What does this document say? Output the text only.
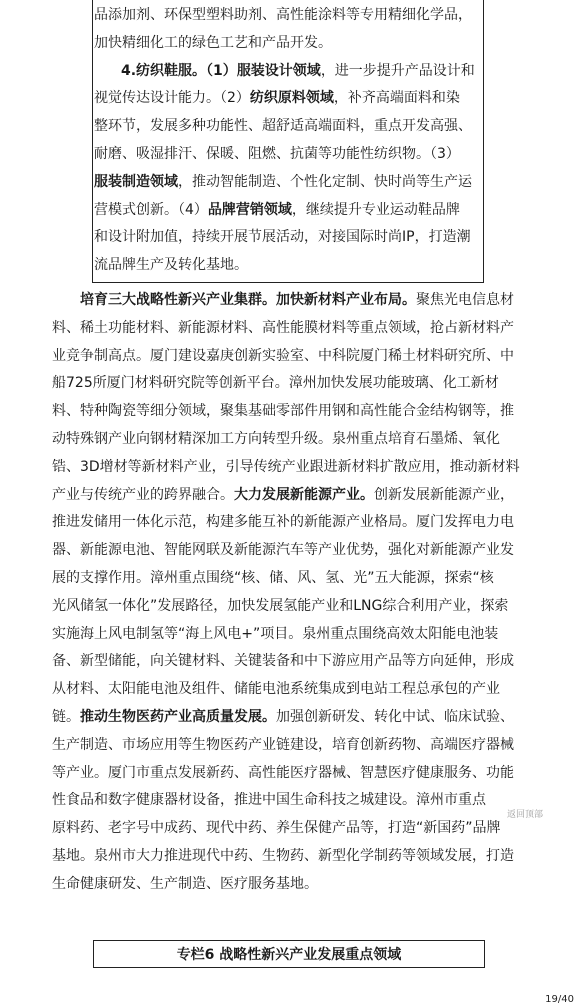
品添加剂、环保型塑料助剂、高性能涂料等专用精细化学品，
加快精细化工的绿色工艺和产品开发。
4.纺织鞋服。（1）服装设计领域，进一步提升产品设计和
视觉传达设计能力。（2）纺织原料领域，补齐高端面料和染
整环节，发展多种功能性、超舒适高端面料，重点开发高强、
耐磨、吸湿排汗、保暖、阻燃、抗菌等功能性纺织物。（3）
服装制造领域，推动智能制造、个性化定制、快时尚等生产运
营模式创新。（4）品牌营销领域，继续提升专业运动鞋品牌
和设计附加值，持续开展节展活动，对接国际时尚IP，打造潮
流品牌生产及转化基地。
培育三大战略性新兴产业集群。加快新材料产业布局。聚焦光电信息材
料、稀土功能材料、新能源材料、高性能膜材料等重点领域，抢占新材料产
业竞争制高点。厦门建设嘉庚创新实验室、中科院厦门稀土材料研究所、中
船725所厦门材料研究院等创新平台。漳州加快发展功能玻璃、化工新材
料、特种陶瓷等细分领域，聚集基础零部件用钢和高性能合金结构钢等，推
动特殊钢产业向钢材精深加工方向转型升级。泉州重点培育石墨烯、氧化
锆、3D增材等新材料产业，引导传统产业跟进新材料扩散应用，推动新材料
产业与传统产业的跨界融合。大力发展新能源产业。创新发展新能源产业，
推进发储用一体化示范，构建多能互补的新能源产业格局。厦门发挥电力电
器、新能源电池、智能网联及新能源汽车等产业优势，强化对新能源产业发
展的支撑作用。漳州重点围绕“核、储、风、氢、光”五大能源，探索“核
光风储氢一体化”发展路径，加快发展氢能产业和LNG综合利用产业，探索
实施海上风电制氢等“海上风电+”项目。泉州重点围绕高效太阳能电池装
备、新型储能，向关键材料、关键装备和中下游应用产品等方向延伸，形成
从材料、太阳能电池及组件、储能电池系统集成到电站工程总承包的产业
链。推动生物医药产业高质量发展。加强创新研发、转化中试、临床试验、
生产制造、市场应用等生物医药产业链建设，培育创新药物、高端医疗器械
等产业。厦门市重点发展新药、高性能医疗器械、智慧医疗健康服务、功能
性食品和数字健康器材设备，推进中国生命科技之城建设。漳州市重点
原料药、老字号中成药、现代中药、养生保健产品等，打造“新国药”品牌
基地。泉州市大力推进现代中药、生物药、新型化学制药等领域发展，打造
生命健康研发、生产制造、医疗服务基地。
返回顶部
专栏6 战略性新兴产业发展重点领域
19/40
